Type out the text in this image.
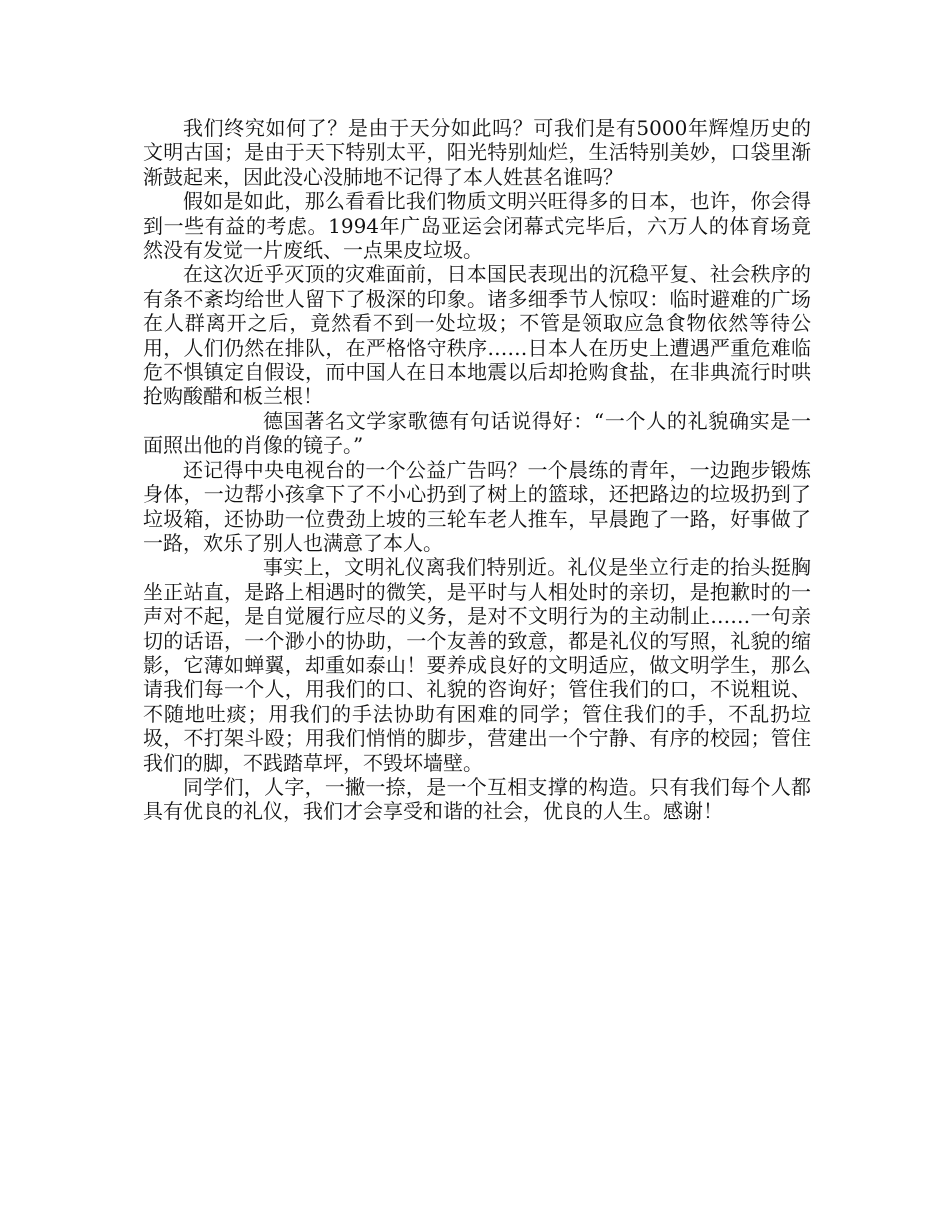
我们终究如何了？是由于天分如此吗？可我们是有5000年辉煌历史的文明古国；是由于天下特别太平，阳光特别灿烂，生活特别美妙，口袋里渐渐鼓起来，因此没心没肺地不记得了本人姓甚名谁吗？

假如是如此，那么看看比我们物质文明兴旺得多的日本，也许，你会得到一些有益的考虑。1994年广岛亚运会闭幕式完毕后，六万人的体育场竟然没有发觉一片废纸、一点果皮垃圾。

在这次近乎灭顶的灾难面前，日本国民表现出的沉稳平复、社会秩序的有条不紊均给世人留下了极深的印象。诸多细季节人惊叹：临时避难的广场在人群离开之后，竟然看不到一处垃圾；不管是领取应急食物依然等待公用，人们仍然在排队，在严格恪守秩序……日本人在历史上遭遇严重危难临危不惧镇定自假设，而中国人在日本地震以后却抢购食盐，在非典流行时哄抢购酸醋和板兰根！

德国著名文学家歌德有句话说得好：“一个人的礼貌确实是一面照出他的肖像的镜子。”

还记得中央电视台的一个公益广告吗？一个晨练的青年，一边跑步锻炼身体，一边帮小孩拿下了不小心扔到了树上的篮球，还把路边的垃圾扔到了垃圾箱，还协助一位费劲上坡的三轮车老人推车，早晨跑了一路，好事做了一路，欢乐了别人也满意了本人。

事实上，文明礼仪离我们特别近。礼仪是坐立行走的抬头挺胸坐正站直，是路上相遇时的微笑，是平时与人相处时的亲切，是抱歉时的一声对不起，是自觉履行应尽的义务，是对不文明行为的主动制止……一句亲切的话语，一个渺小的协助，一个友善的致意，都是礼仪的写照，礼貌的缩影，它薄如蝉翼，却重如泰山！要养成良好的文明适应，做文明学生，那么请我们每一个人，用我们的口、礼貌的咨询好；管住我们的口，不说粗说、不随地吐痰；用我们的手法协助有困难的同学；管住我们的手，不乱扔垃圾，不打架斗殴；用我们悄悄的脚步，营建出一个宁静、有序的校园；管住我们的脚，不践踏草坪，不毁坏墙壁。

同学们，人字，一撇一捺，是一个互相支撑的构造。只有我们每个人都具有优良的礼仪，我们才会享受和谐的社会，优良的人生。感谢！
